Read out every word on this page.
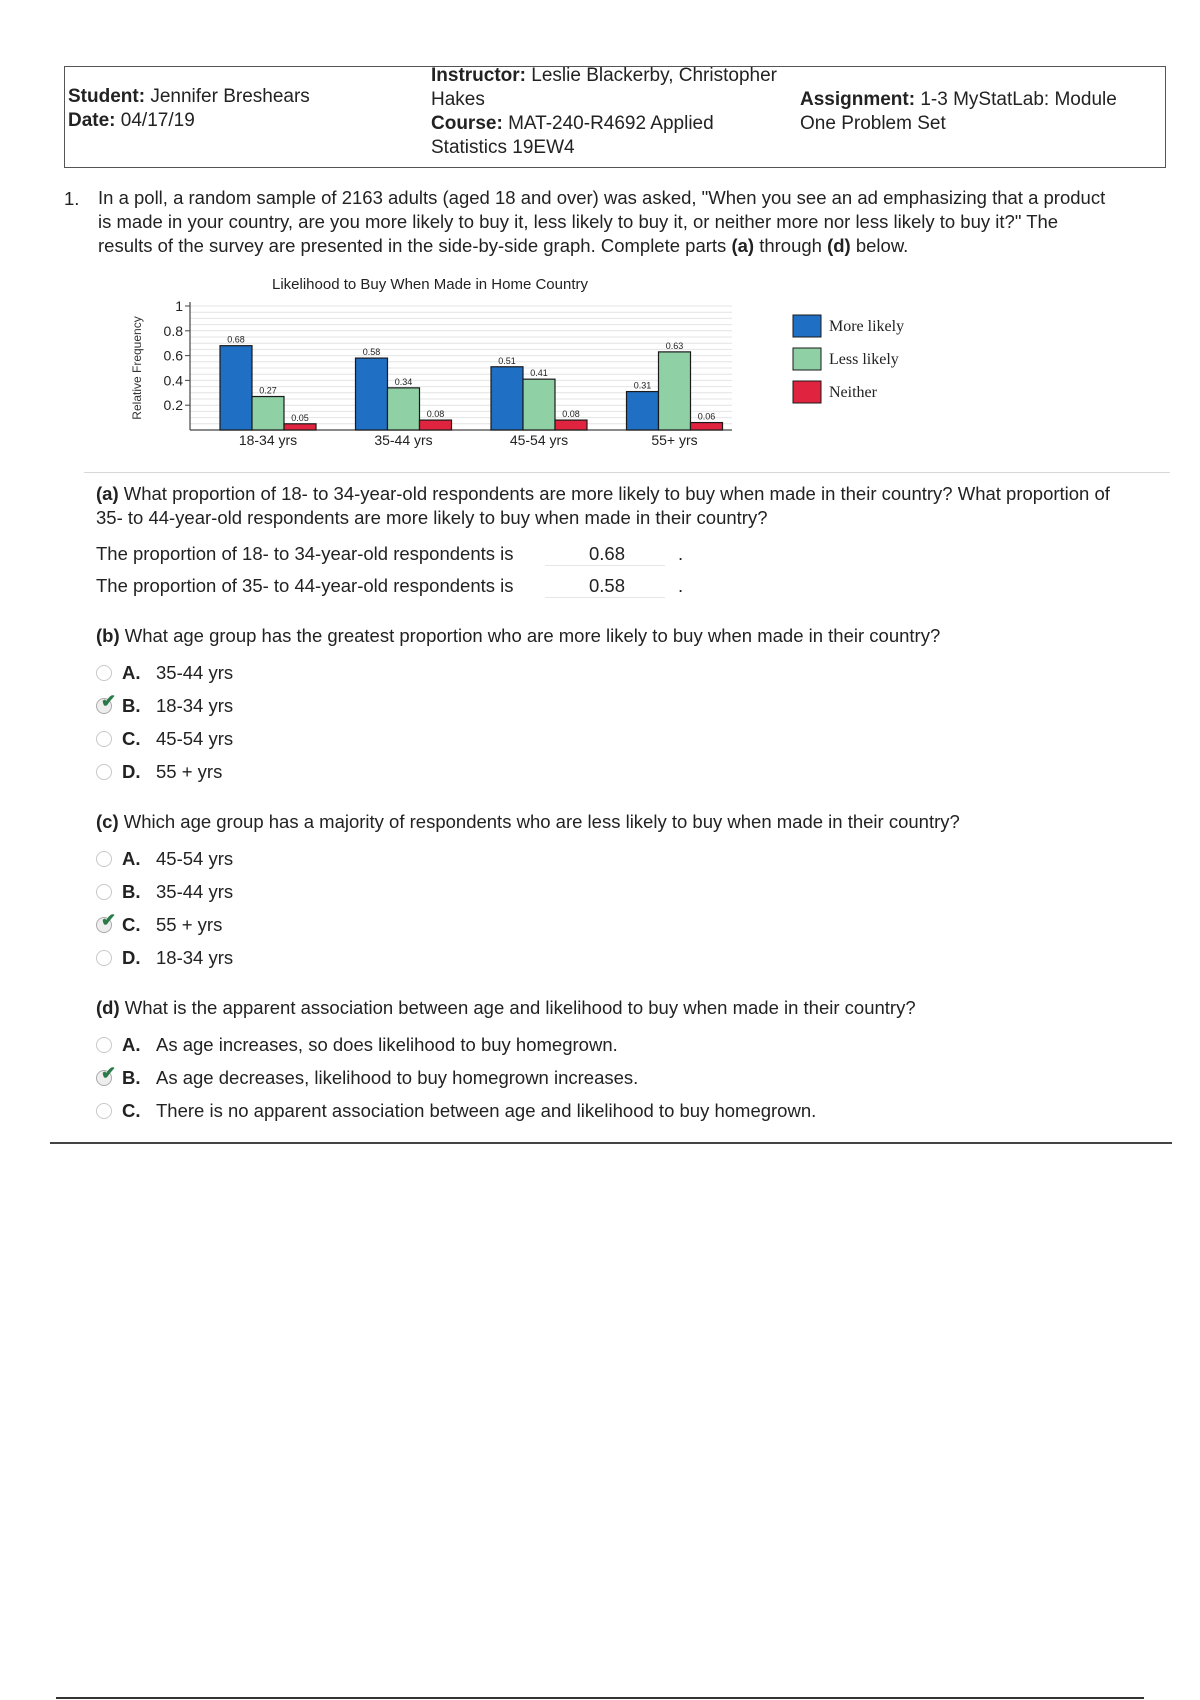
Student: Jennifer Breshears
Date: 04/17/19
Instructor: Leslie Blackerby, Christopher
Hakes
Course: MAT-240-R4692 Applied
Statistics 19EW4
Assignment: 1-3 MyStatLab: Module
One Problem Set
1. In a poll, a random sample of 2163 adults (aged 18 and over) was asked, "When you see an ad emphasizing that a product
is made in your country, are you more likely to buy it, less likely to buy it, or neither more nor less likely to buy it?" The
results of the survey are presented in the side-by-side graph. Complete parts (a) through (d) below.
Likelihood to Buy When Made in Home Country
Relative Frequency 0.2
0.4
0.6
0.8
1
0.68
0.27
0.05
18-34 yrs
0.58
0.34
0.08
35-44 yrs
0.51
0.41
0.08
45-54 yrs
0.31
0.63
0.06
55+ yrs
More likely
Less likely
Neither
(a) What proportion of 18- to 34-year-old respondents are more likely to buy when made in their country? What proportion of
35- to 44-year-old respondents are more likely to buy when made in their country?
The proportion of 18- to 34-year-old respondents is	0.68	.
The proportion of 35- to 44-year-old respondents is	0.58	.
(b) What age group has the greatest proportion who are more likely to buy when made in their country?
A. 35-44 yrs
✔ B. 18-34 yrs
C. 45-54 yrs
D. 55 + yrs
(c) Which age group has a majority of respondents who are less likely to buy when made in their country?
A. 45-54 yrs
B. 35-44 yrs
✔ C. 55 + yrs
D. 18-34 yrs
(d) What is the apparent association between age and likelihood to buy when made in their country?
A. As age increases, so does likelihood to buy homegrown.
✔ B. As age decreases, likelihood to buy homegrown increases.
C. There is no apparent association between age and likelihood to buy homegrown.
